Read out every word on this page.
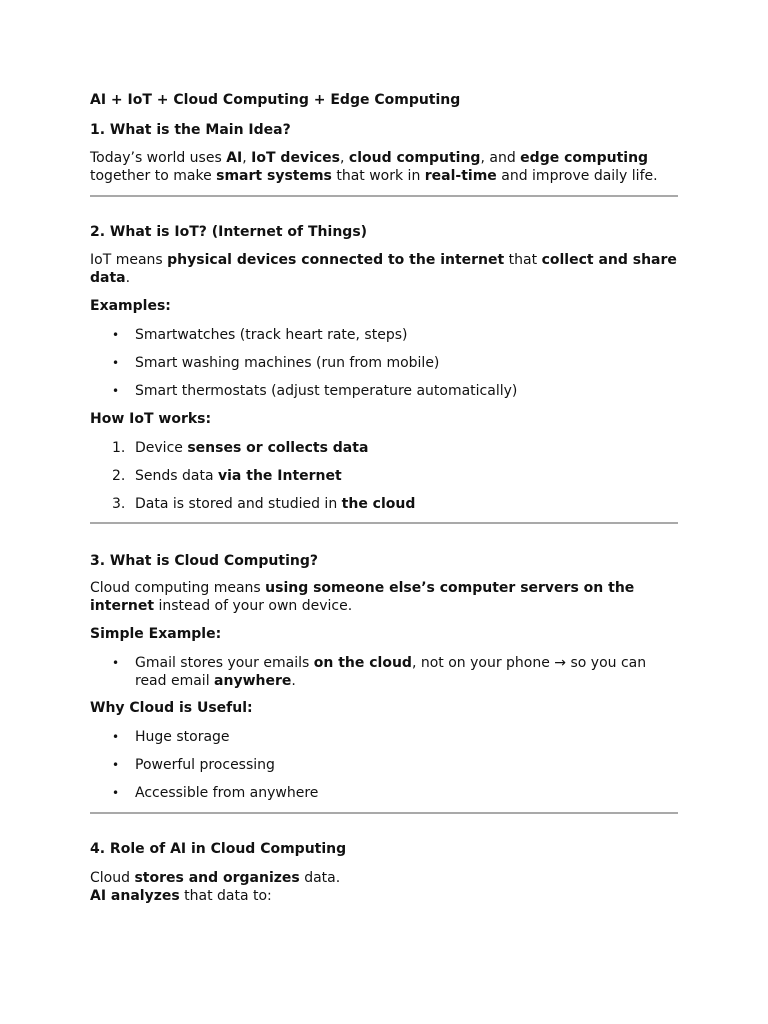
AI + IoT + Cloud Computing + Edge Computing
1. What is the Main Idea?
Today’s world uses AI, IoT devices, cloud computing, and edge computing together to make smart systems that work in real-time and improve daily life.
2. What is IoT? (Internet of Things)
IoT means physical devices connected to the internet that collect and share data.
Examples:
• Smartwatches (track heart rate, steps)
• Smart washing machines (run from mobile)
• Smart thermostats (adjust temperature automatically)
How IoT works:
1. Device senses or collects data
2. Sends data via the Internet
3. Data is stored and studied in the cloud
3. What is Cloud Computing?
Cloud computing means using someone else’s computer servers on the internet instead of your own device.
Simple Example:
• Gmail stores your emails on the cloud, not on your phone → so you can read email anywhere.
Why Cloud is Useful:
• Huge storage
• Powerful processing
• Accessible from anywhere
4. Role of AI in Cloud Computing
Cloud stores and organizes data.
AI analyzes that data to:
